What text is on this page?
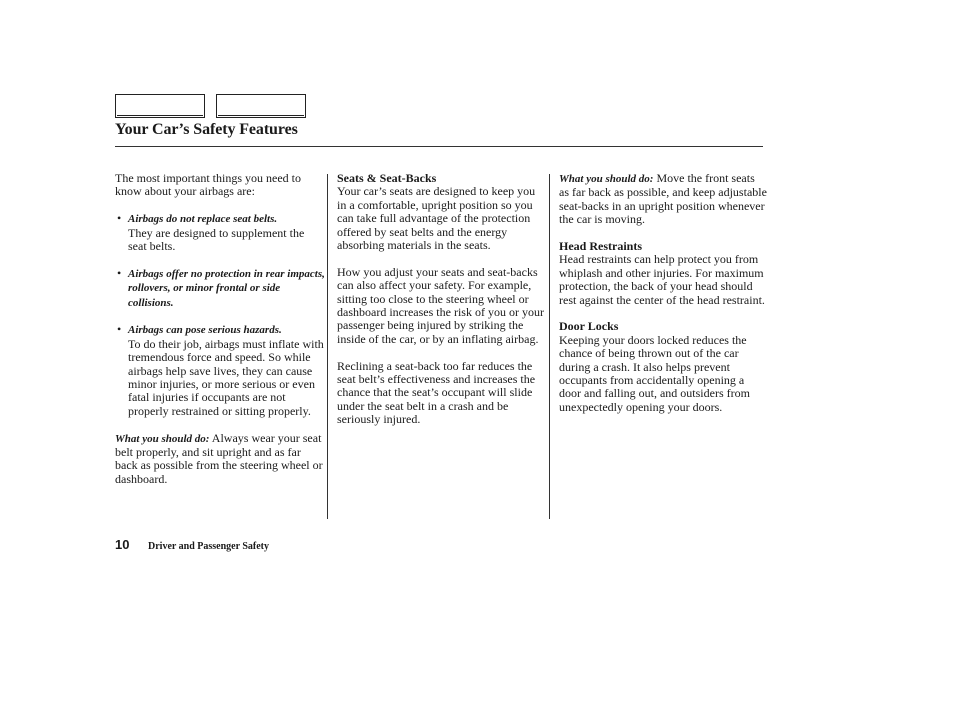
Your Car’s Safety Features

The most important things you need to know about your airbags are:

• Airbags do not replace seat belts.
They are designed to supplement the seat belts.
• Airbags offer no protection in rear impacts, rollovers, or minor frontal or side collisions.
• Airbags can pose serious hazards.
To do their job, airbags must inflate with tremendous force and speed. So while airbags help save lives, they can cause minor injuries, or more serious or even fatal injuries if occupants are not properly restrained or sitting properly.

What you should do: Always wear your seat belt properly, and sit upright and as far back as possible from the steering wheel or dashboard.

Seats & Seat-Backs

Your car’s seats are designed to keep you in a comfortable, upright position so you can take full advantage of the protection offered by seat belts and the energy absorbing materials in the seats.

How you adjust your seats and seat-backs can also affect your safety. For example, sitting too close to the steering wheel or dashboard increases the risk of you or your passenger being injured by striking the inside of the car, or by an inflating airbag.

Reclining a seat-back too far reduces the seat belt’s effectiveness and increases the chance that the seat’s occupant will slide under the seat belt in a crash and be seriously injured.

What you should do: Move the front seats as far back as possible, and keep adjustable seat-backs in an upright position whenever the car is moving.

Head Restraints

Head restraints can help protect you from whiplash and other injuries. For maximum protection, the back of your head should rest against the center of the head restraint.

Door Locks

Keeping your doors locked reduces the chance of being thrown out of the car during a crash. It also helps prevent occupants from accidentally opening a door and falling out, and outsiders from unexpectedly opening your doors.

10 Driver and Passenger Safety
